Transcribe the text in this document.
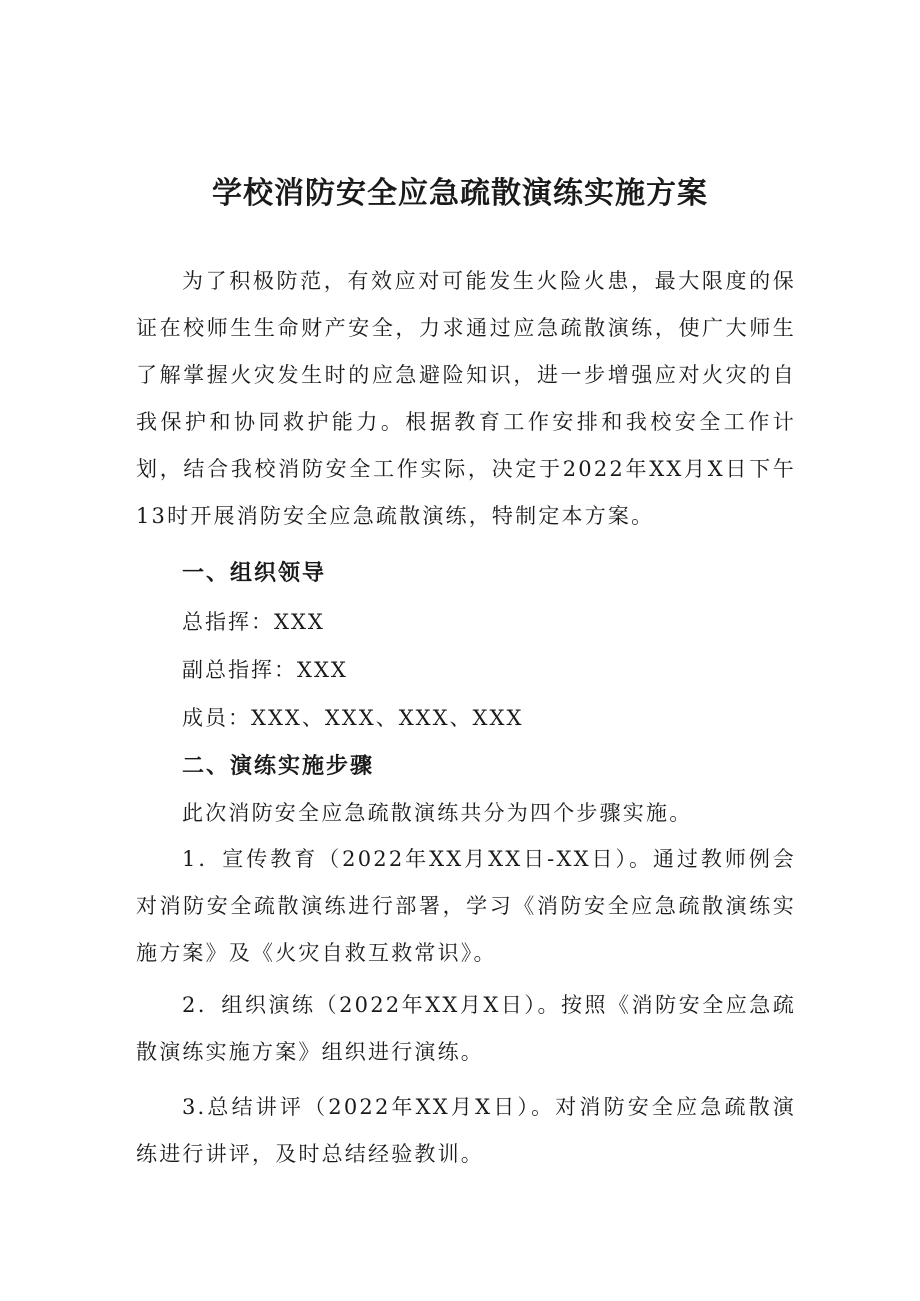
学校消防安全应急疏散演练实施方案

为了积极防范，有效应对可能发生火险火患，最大限度的保证在校师生生命财产安全，力求通过应急疏散演练，使广大师生了解掌握火灾发生时的应急避险知识，进一步增强应对火灾的自我保护和协同救护能力。根据教育工作安排和我校安全工作计划，结合我校消防安全工作实际，决定于2022年XX月X日下午13时开展消防安全应急疏散演练，特制定本方案。

一、组织领导

总指挥：XXX

副总指挥：XXX

成员：XXX、XXX、XXX、XXX

二、演练实施步骤

此次消防安全应急疏散演练共分为四个步骤实施。

1．宣传教育（2022年XX月XX日-XX日）。通过教师例会对消防安全疏散演练进行部署，学习《消防安全应急疏散演练实施方案》及《火灾自救互救常识》。

2．组织演练（2022年XX月X日）。按照《消防安全应急疏散演练实施方案》组织进行演练。

3.总结讲评（2022年XX月X日）。对消防安全应急疏散演练进行讲评，及时总结经验教训。
